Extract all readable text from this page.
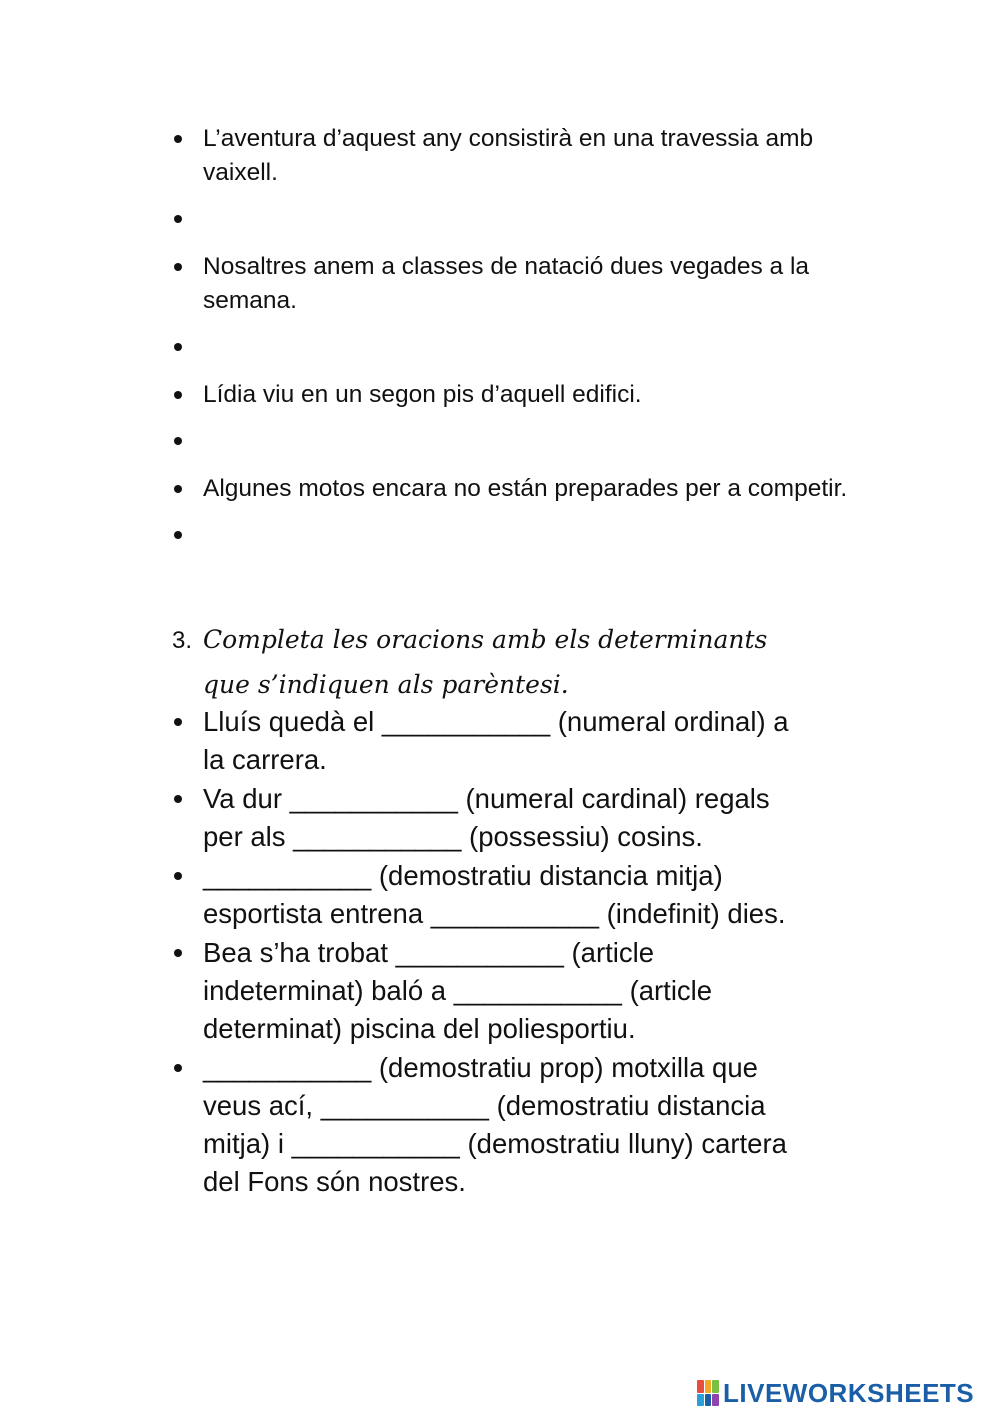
L’aventura d’aquest any consistirà en una travessia amb vaixell.
Nosaltres anem a classes de natació dues vegades a la semana.
Lídia viu en un segon pis d’aquell edifici.
Algunes motos encara no están preparades per a competir.
3. Completa les oracions amb els determinants
que s’indiquen als parèntesi.
Lluís quedà el ___________ (numeral ordinal) a
la carrera.
Va dur ___________ (numeral cardinal) regals
per als ___________ (possessiu) cosins.
___________ (demostratiu distancia mitja)
esportista entrena ___________ (indefinit) dies.
Bea s’ha trobat ___________ (article
indeterminat) baló a ___________ (article
determinat) piscina del poliesportiu.
___________ (demostratiu prop) motxilla que
veus ací, ___________ (demostratiu distancia
mitja) i ___________ (demostratiu lluny) cartera
del Fons són nostres.
LIVEWORKSHEETS
